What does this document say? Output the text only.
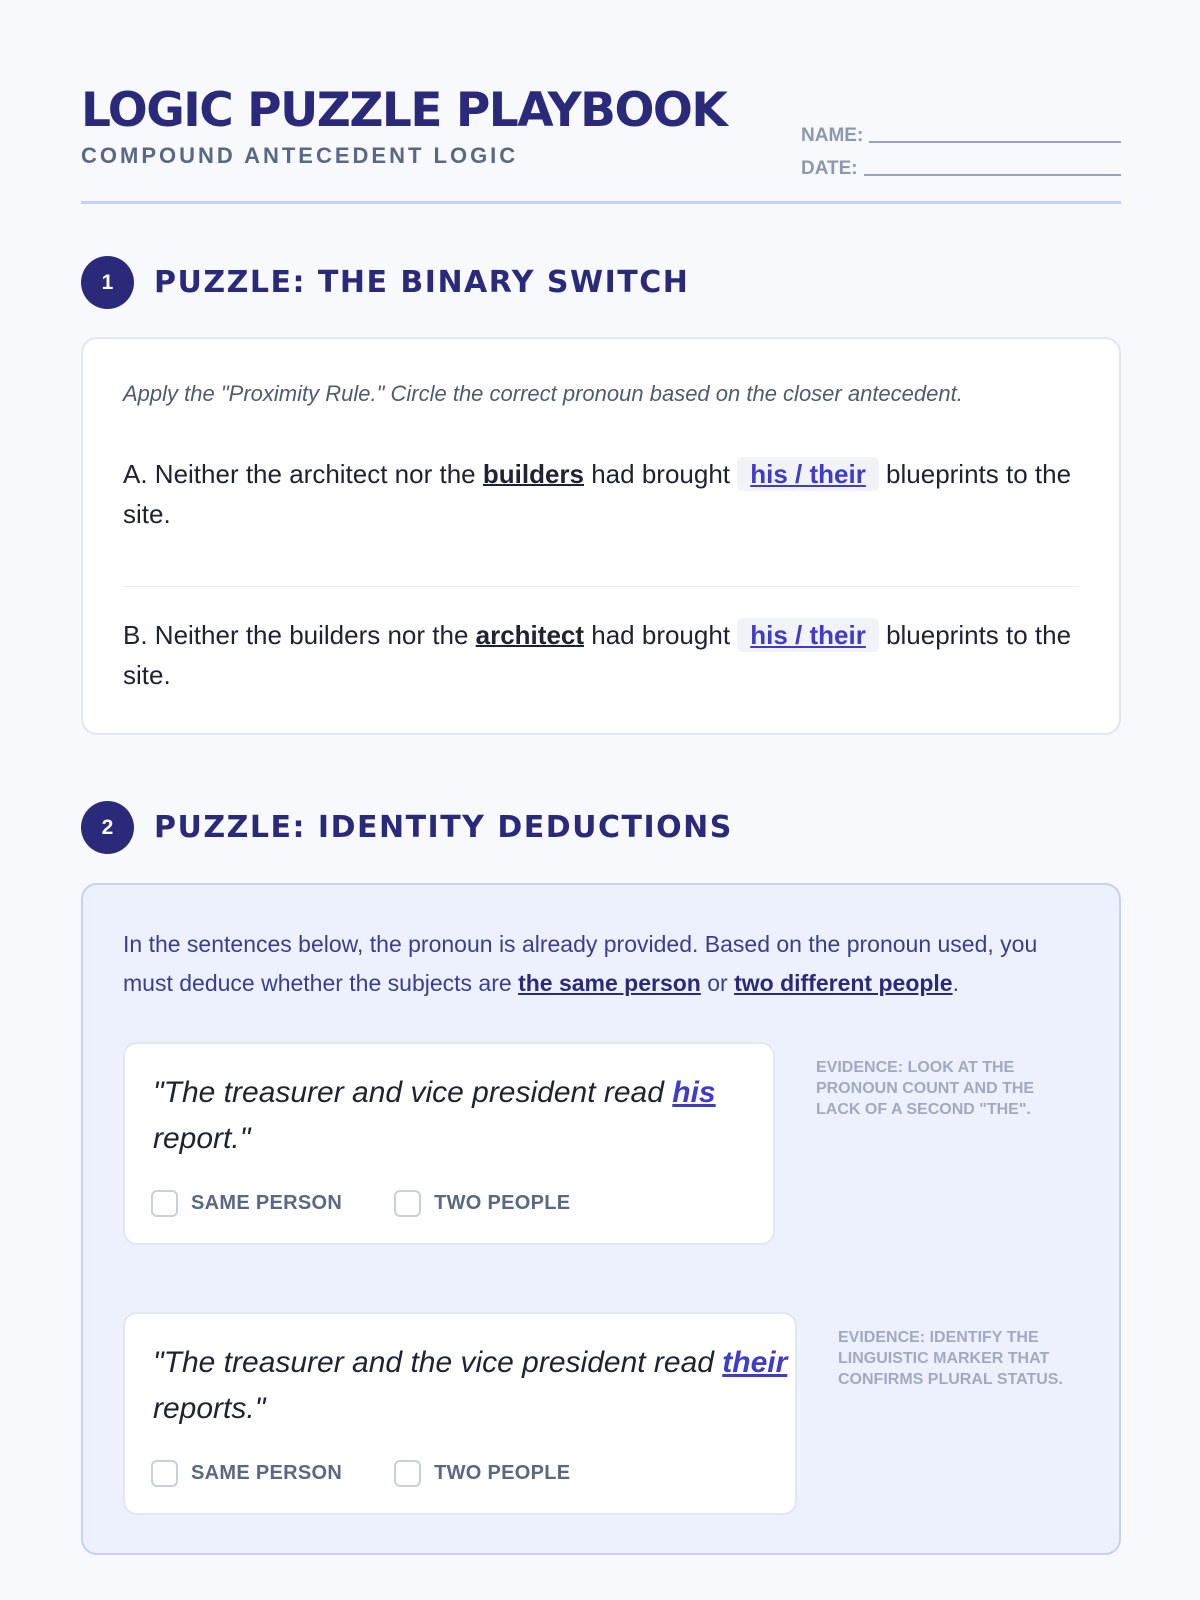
LOGIC PUZZLE PLAYBOOK
COMPOUND ANTECEDENT LOGIC
NAME:
DATE:
1	PUZZLE: THE BINARY SWITCH
Apply the "Proximity Rule." Circle the correct pronoun based on the closer antecedent.
A. Neither the architect nor the builders had brought his / their blueprints to the site.
B. Neither the builders nor the architect had brought his / their blueprints to the site.
2	PUZZLE: IDENTITY DEDUCTIONS
In the sentences below, the pronoun is already provided. Based on the pronoun used, you must deduce whether the subjects are the same person or two different people.
"The treasurer and vice president read his report."
SAME PERSON	TWO PEOPLE
EVIDENCE: LOOK AT THE PRONOUN COUNT AND THE LACK OF A SECOND "THE".
"The treasurer and the vice president read their reports."
SAME PERSON	TWO PEOPLE
EVIDENCE: IDENTIFY THE LINGUISTIC MARKER THAT CONFIRMS PLURAL STATUS.
